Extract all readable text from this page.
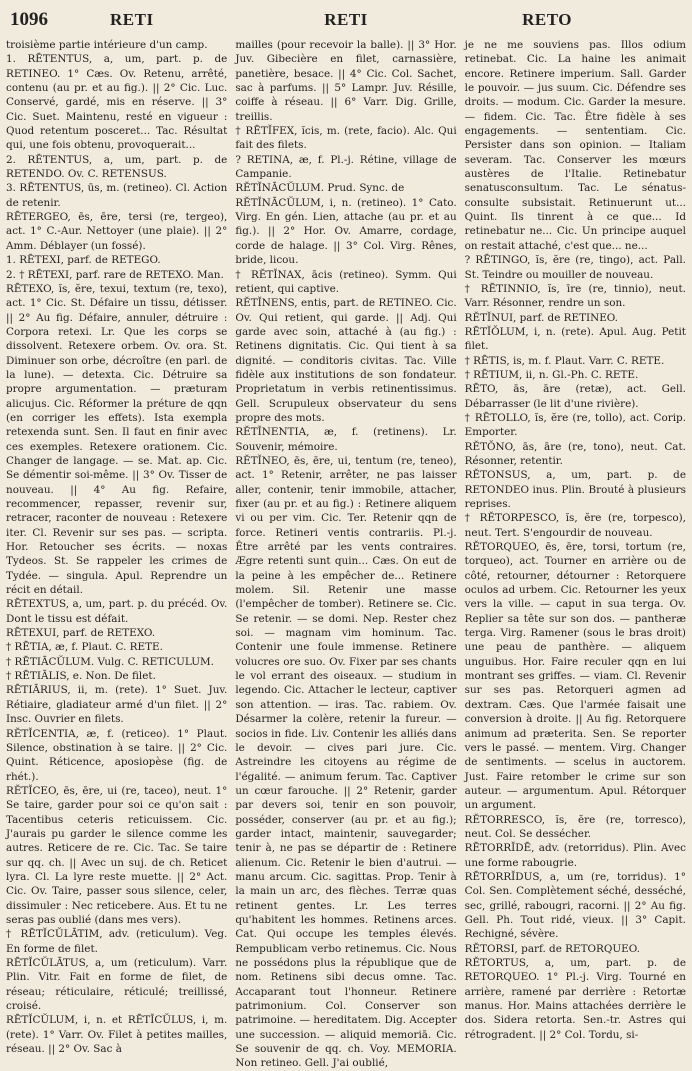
1096	RETI	RETI	RETO

troisième partie intérieure d'un camp.

1. RĒTENTUS, a, um, part. p. de RETINEO. 1° Cæs. Ov. Retenu, arrêté, contenu (au pr. et au fig.). || 2° Cic. Luc. Conservé, gardé, mis en réserve. || 3° Cic. Suet. Maintenu, resté en vigueur : Quod retentum posceret... Tac. Résultat qui, une fois obtenu, provoquerait...

2. RĒTENTUS, a, um, part. p. de RETENDO. Ov. C. RETENSUS.

3. RĒTENTUS, ūs, m. (retineo). Cl. Action de retenir.

RĒTERGEO, ēs, ēre, tersi (re, tergeo), act. 1° C.-Aur. Nettoyer (une plaie). || 2° Amm. Déblayer (un fossé).

1. RĒTEXI, parf. de RETEGO.

2. † RĒTEXI, parf. rare de RETEXO. Man.

RĒTEXO, ĭs, ĕre, texui, textum (re, texo), act. 1° Cic. St. Défaire un tissu, détisser. || 2° Au fig. Défaire, annuler, détruire : Corpora retexi. Lr. Que les corps se dissolvent. Retexere orbem. Ov. ora. St. Diminuer son orbe, décroître (en parl. de la lune). — detexta. Cic. Détruire sa propre argumentation. — præturam alicujus. Cic. Réformer la préture de qqn (en corriger les effets). Ista exempla retexenda sunt. Sen. Il faut en finir avec ces exemples. Retexere orationem. Cic. Changer de langage. — se. Mat. ap. Cic. Se démentir soi-même. || 3° Ov. Tisser de nouveau. || 4° Au fig. Refaire, recommencer, repasser, revenir sur, retracer, raconter de nouveau : Retexere iter. Cl. Revenir sur ses pas. — scripta. Hor. Retoucher ses écrits. — noxas Tydeos. St. Se rappeler les crimes de Tydée. — singula. Apul. Reprendre un récit en détail.

RĒTEXTUS, a, um, part. p. du précéd. Ov. Dont le tissu est défait.

RĒTEXUI, parf. de RETEXO.

† RĒTIA, æ, f. Plaut. C. RETE.

† RĒTIĀCŬLUM. Vulg. C. RETICULUM.

† RĒTIĀLIS, e. Non. De filet.

RĒTIĀRIUS, ii, m. (rete). 1° Suet. Juv. Rétiaire, gladiateur armé d'un filet. || 2° Insc. Ouvrier en filets.

RĔTĬCENTIA, æ, f. (reticeo). 1° Plaut. Silence, obstination à se taire. || 2° Cic. Quint. Réticence, aposiopèse (fig. de rhét.).

RĔTĬCEO, ēs, ēre, ui (re, taceo), neut. 1° Se taire, garder pour soi ce qu'on sait : Tacentibus ceteris reticuissem. Cic. J'aurais pu garder le silence comme les autres. Reticere de re. Cic. Tac. Se taire sur qq. ch. || Avec un suj. de ch. Reticet lyra. Cl. La lyre reste muette. || 2° Act. Cic. Ov. Taire, passer sous silence, celer, dissimuler : Nec reticebere. Aus. Et tu ne seras pas oublié (dans mes vers).

† RĒTĬCŬLĀTIM, adv. (reticulum). Veg. En forme de filet.

RĒTĬCŬLĀTUS, a, um (reticulum). Varr. Plin. Vitr. Fait en forme de filet, de réseau; réticulaire, réticulé; treillissé, croisé.

RĒTĬCŬLUM, i, n. et RĒTĬCŬLUS, i, m. (rete). 1° Varr. Ov. Filet à petites mailles, réseau. || 2° Ov. Sac à

mailles (pour recevoir la balle). || 3° Hor. Juv. Gibecière en filet, carnassière, panetière, besace. || 4° Cic. Col. Sachet, sac à parfums. || 5° Lampr. Juv. Résille, coiffe à réseau. || 6° Varr. Dig. Grille, treillis.

† RĒTĬFEX, ĭcis, m. (rete, facio). Alc. Qui fait des filets.

? RETINA, æ, f. Pl.-j. Rétine, village de Campanie.

RĔTĬNĀCŬLUM. Prud. Sync. de

RĔTĬNĀCŬLUM, i, n. (retineo). 1° Cato. Virg. En gén. Lien, attache (au pr. et au fig.). || 2° Hor. Ov. Amarre, cordage, corde de halage. || 3° Col. Virg. Rênes, bride, licou.

† RĔTĬNAX, ācis (retineo). Symm. Qui retient, qui captive.

RĔTĬNENS, entis, part. de RETINEO. Cic. Ov. Qui retient, qui garde. || Adj. Qui garde avec soin, attaché à (au fig.) : Retinens dignitatis. Cic. Qui tient à sa dignité. — conditoris civitas. Tac. Ville fidèle aux institutions de son fondateur. Proprietatum in verbis retinentissimus. Gell. Scrupuleux observateur du sens propre des mots.

RĔTĬNENTIA, æ, f. (retinens). Lr. Souvenir, mémoire.

RĔTĬNEO, ēs, ēre, ui, tentum (re, teneo), act. 1° Retenir, arrêter, ne pas laisser aller, contenir, tenir immobile, attacher, fixer (au pr. et au fig.) : Retinere aliquem vi ou per vim. Cic. Ter. Retenir qqn de force. Retineri ventis contrariis. Pl.-j. Être arrêté par les vents contraires. Ægre retenti sunt quin... Cæs. On eut de la peine à les empêcher de... Retinere molem. Sil. Retenir une masse (l'empêcher de tomber). Retinere se. Cic. Se retenir. — se domi. Nep. Rester chez soi. — magnam vim hominum. Tac. Contenir une foule immense. Retinere volucres ore suo. Ov. Fixer par ses chants le vol errant des oiseaux. — studium in legendo. Cic. Attacher le lecteur, captiver son attention. — iras. Tac. rabiem. Ov. Désarmer la colère, retenir la fureur. — socios in fide. Liv. Contenir les alliés dans le devoir. — cives pari jure. Cic. Astreindre les citoyens au régime de l'égalité. — animum ferum. Tac. Captiver un cœur farouche. || 2° Retenir, garder par devers soi, tenir en son pouvoir, posséder, conserver (au pr. et au fig.); garder intact, maintenir, sauvegarder; tenir à, ne pas se départir de : Retinere alienum. Cic. Retenir le bien d'autrui. — manu arcum. Cic. sagittas. Prop. Tenir à la main un arc, des flèches. Terræ quas retinent gentes. Lr. Les terres qu'habitent les hommes. Retinens arces. Cat. Qui occupe les temples élevés. Rempublicam verbo retinemus. Cic. Nous ne possédons plus la république que de nom. Retinens sibi decus omne. Tac. Accaparant tout l'honneur. Retinere patrimonium. Col. Conserver son patrimoine. — hereditatem. Dig. Accepter une succession. — aliquid memoriā. Cic. Se souvenir de qq. ch. Voy. MEMORIA. Non retineo. Gell. J'ai oublié,

je ne me souviens pas. Illos odium retinebat. Cic. La haine les animait encore. Retinere imperium. Sall. Garder le pouvoir. — jus suum. Cic. Défendre ses droits. — modum. Cic. Garder la mesure. — fidem. Cic. Tac. Être fidèle à ses engagements. — sententiam. Cic. Persister dans son opinion. — Italiam severam. Tac. Conserver les mœurs austères de l'Italie. Retinebatur senatusconsultum. Tac. Le sénatus-consulte subsistait. Retinuerunt ut... Quint. Ils tinrent à ce que... Id retinebatur ne... Cic. Un principe auquel on restait attaché, c'est que... ne...

? RĒTINGO, ĭs, ĕre (re, tingo), act. Pall. St. Teindre ou mouiller de nouveau.

† RĒTINNIO, ĭs, īre (re, tinnio), neut. Varr. Résonner, rendre un son.

RĔTĬNUI, parf. de RETINEO.

RĒTĬŎLUM, i, n. (rete). Apul. Aug. Petit filet.

† RĒTIS, is, m. f. Plaut. Varr. C. RETE.

† RĒTIUM, ii, n. Gl.-Ph. C. RETE.

RĒTO, ās, āre (retæ), act. Gell. Débarrasser (le lit d'une rivière).

† RĒTOLLO, ĭs, ĕre (re, tollo), act. Corip. Emporter.

RĔTŎNO, ās, āre (re, tono), neut. Cat. Résonner, retentir.

RĔTONSUS, a, um, part. p. de RETONDEO inus. Plin. Brouté à plusieurs reprises.

† RĔTORPESCO, ĭs, ĕre (re, torpesco), neut. Tert. S'engourdir de nouveau.

RĔTORQUEO, ēs, ēre, torsi, tortum (re, torqueo), act. Tourner en arrière ou de côté, retourner, détourner : Retorquere oculos ad urbem. Cic. Retourner les yeux vers la ville. — caput in sua terga. Ov. Replier sa tête sur son dos. — pantheræ terga. Virg. Ramener (sous le bras droit) une peau de panthère. — aliquem unguibus. Hor. Faire reculer qqn en lui montrant ses griffes. — viam. Cl. Revenir sur ses pas. Retorqueri agmen ad dextram. Cæs. Que l'armée faisait une conversion à droite. || Au fig. Retorquere animum ad præterita. Sen. Se reporter vers le passé. — mentem. Virg. Changer de sentiments. — scelus in auctorem. Just. Faire retomber le crime sur son auteur. — argumentum. Apul. Rétorquer un argument.

RĔTORRESCO, ĭs, ĕre (re, torresco), neut. Col. Se dessécher.

RĒTORRĬDĒ, adv. (retorridus). Plin. Avec une forme rabougrie.

RĒTORRĬDUS, a, um (re, torridus). 1° Col. Sen. Complètement séché, desséché, sec, grillé, rabougri, racorni. || 2° Au fig. Gell. Ph. Tout ridé, vieux. || 3° Capit. Rechigné, sévère.

RĔTORSI, parf. de RETORQUEO.

RĔTORTUS, a, um, part. p. de RETORQUEO. 1° Pl.-j. Virg. Tourné en arrière, ramené par derrière : Retortæ manus. Hor. Mains attachées derrière le dos. Sidera retorta. Sen.-tr. Astres qui rétrogradent. || 2° Col. Tordu, si-
